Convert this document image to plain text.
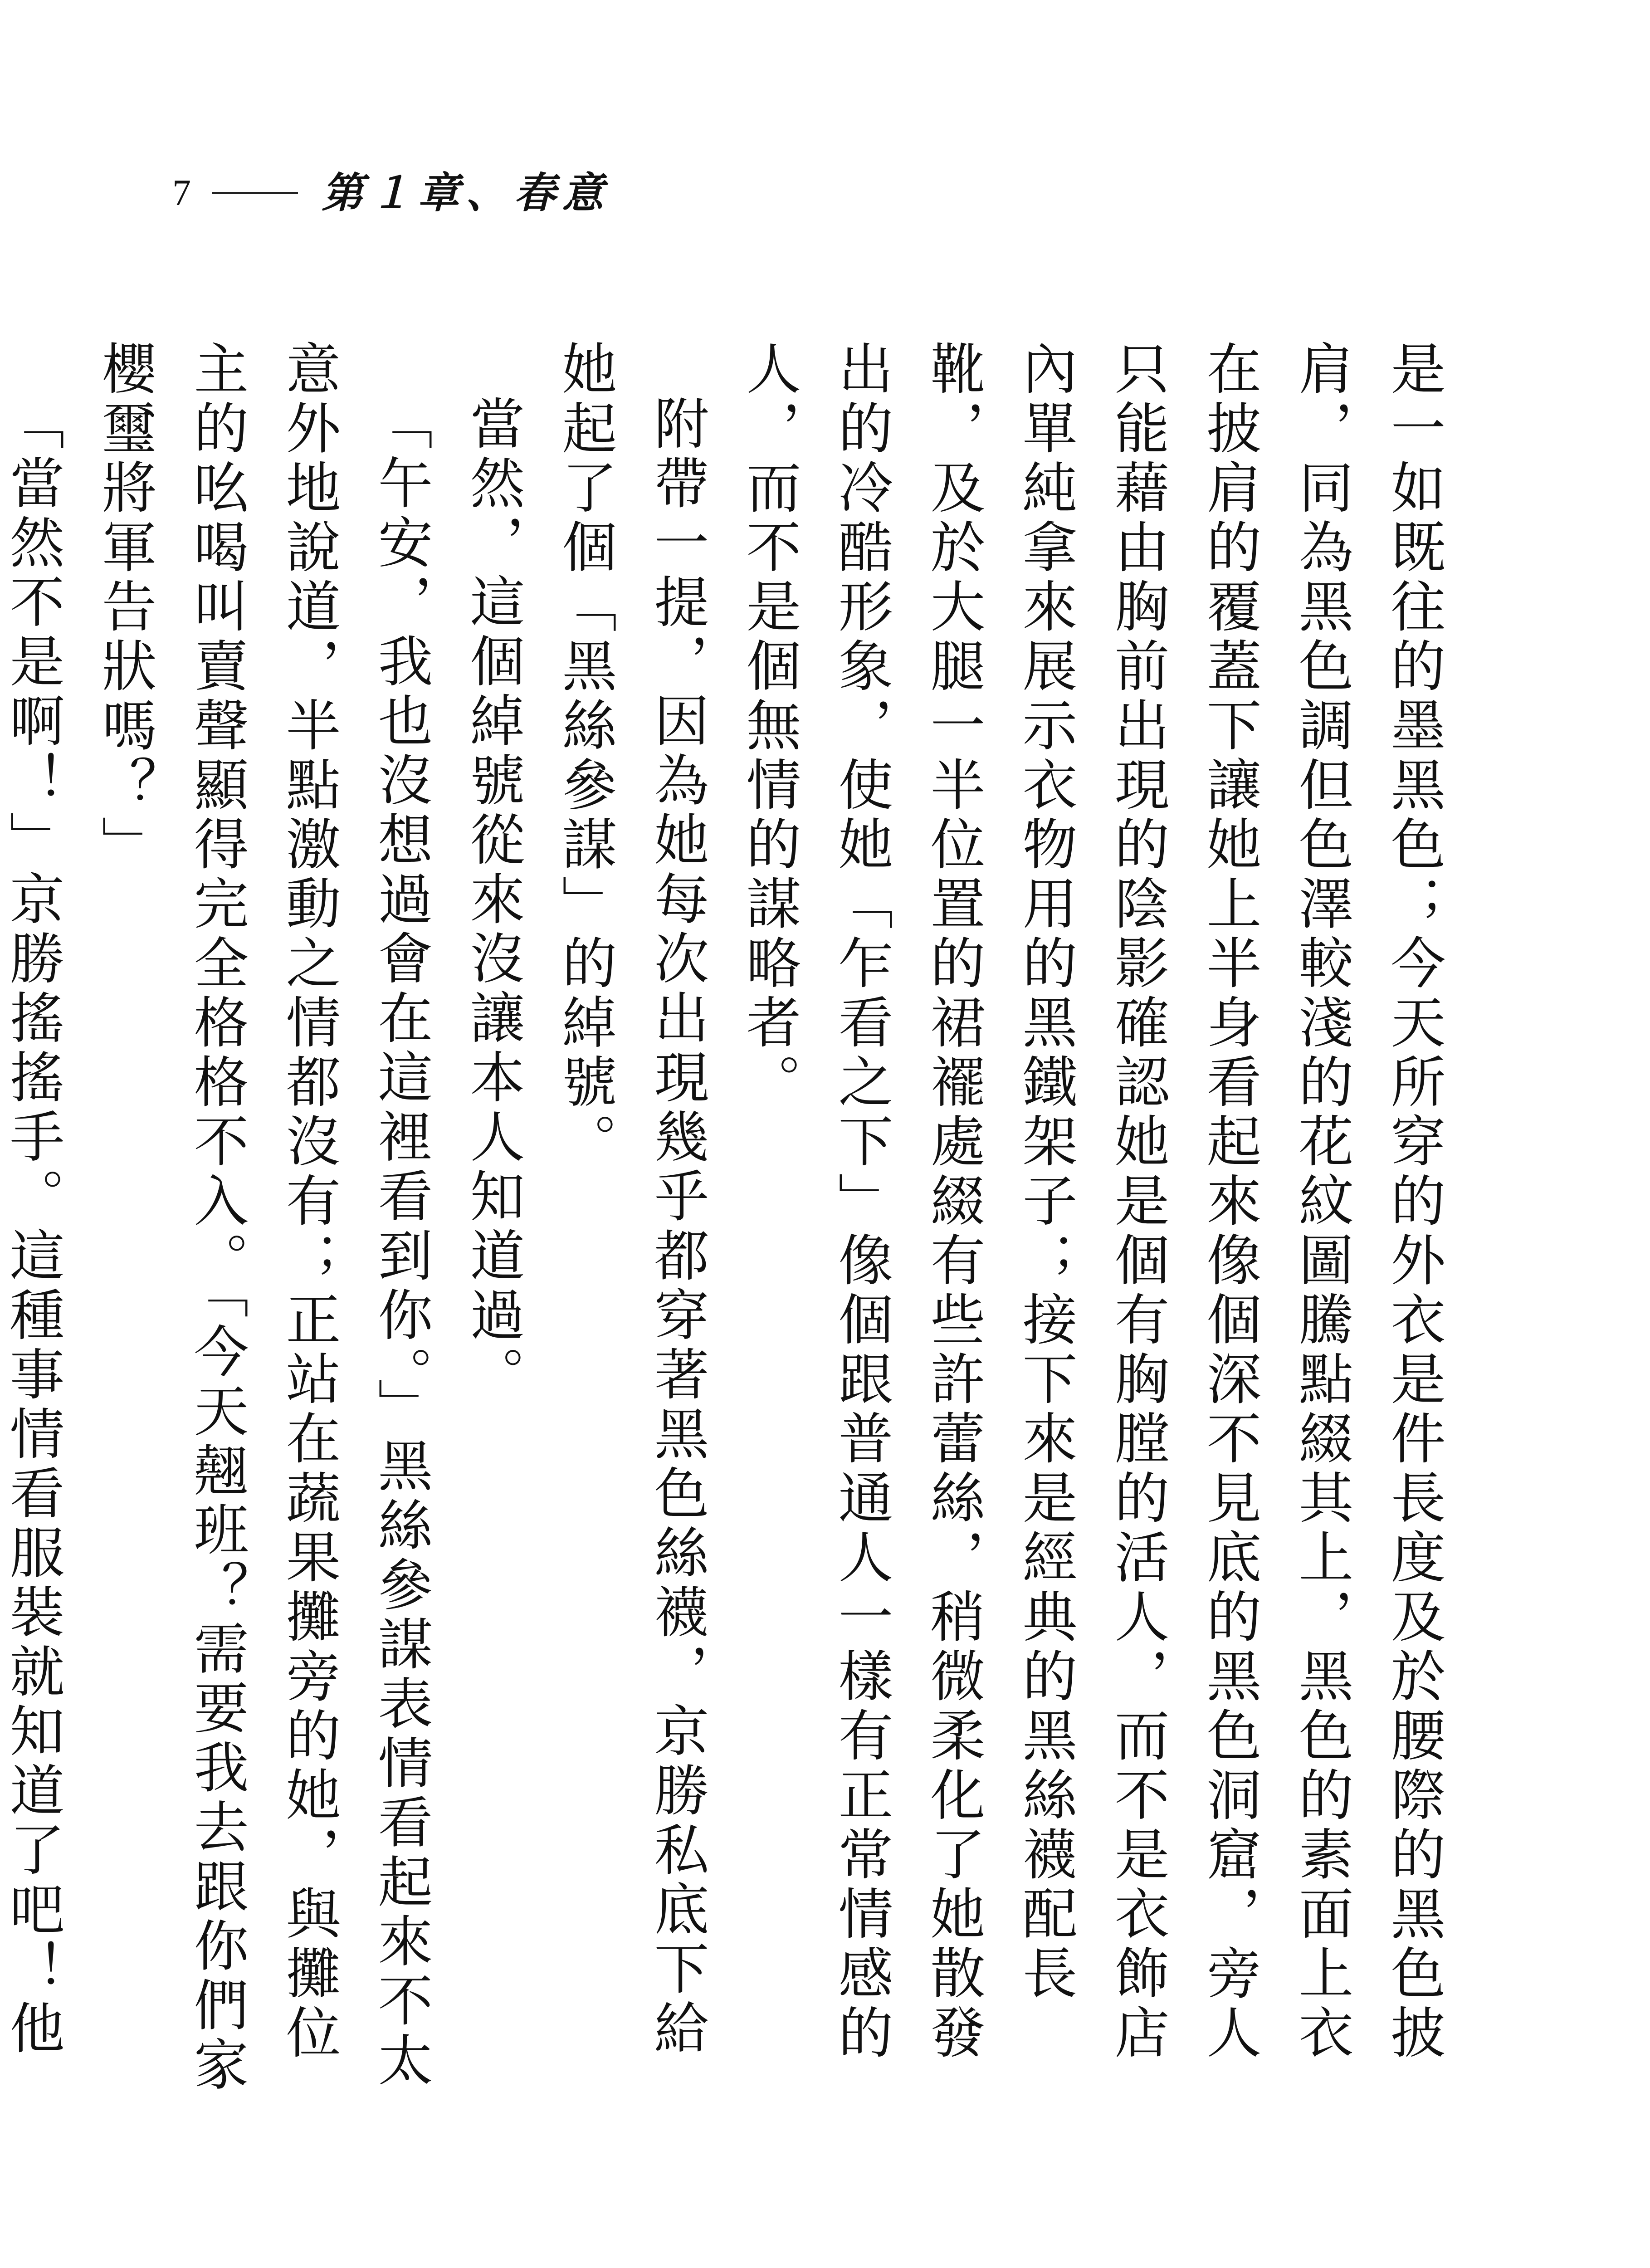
7	第１章、春意

是一如既往的墨黑色；今天所穿的外衣是件長度及於腰際的黑色披肩，同為黑色調但色澤較淺的花紋圖騰點綴其上，黑色的素面上衣在披肩的覆蓋下讓她上半身看起來像個深不見底的黑色洞窟，旁人只能藉由胸前出現的陰影確認她是個有胸膛的活人，而不是衣飾店內單純拿來展示衣物用的黑鐵架子；接下來是經典的黑絲襪配長靴，及於大腿一半位置的裙襬處綴有些許蕾絲，稍微柔化了她散發出的冷酷形象，使她「乍看之下」像個跟普通人一樣有正常情感的人，而不是個無情的謀略者。

附帶一提，因為她每次出現幾乎都穿著黑色絲襪，京勝私底下給她起了個「黑絲參謀」的綽號。

當然，這個綽號從來沒讓本人知道過。

「午安，我也沒想過會在這裡看到你。」黑絲參謀表情看起來不太意外地說道，半點激動之情都沒有；正站在蔬果攤旁的她，與攤位主的吆喝叫賣聲顯得完全格格不入。「今天翹班？需要我去跟你們家櫻璽將軍告狀嗎？」

「當然不是啊！」京勝搖搖手。這種事情看服裝就知道了吧！他
